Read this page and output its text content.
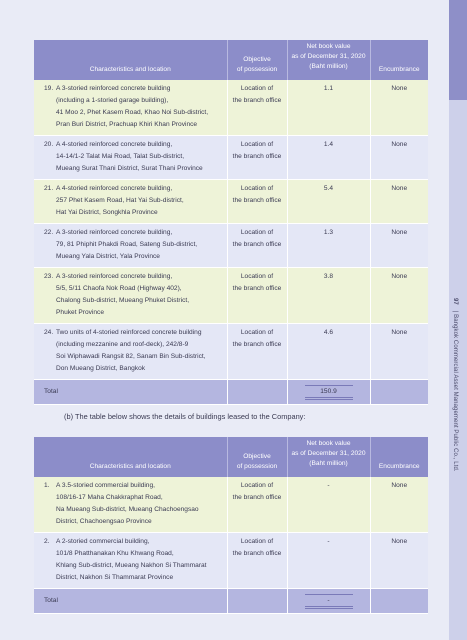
97 | Bangkok Commercial Asset Management Public Co., Ltd.
Characteristics and location	Objective
of possession	Net book value
as of December 31, 2020
(Baht million)	Encumbrance

19. A 3-storied reinforced concrete building
(including a 1-storied garage building),
41 Moo 2, Phet Kasem Road, Khao Noi Sub-district,
Pran Buri District, Prachuap Khiri Khan Province	Location of
the branch office	1.1	None

20. A 4-storied reinforced concrete building,
14-14/1-2 Talat Mai Road, Talat Sub-district,
Mueang Surat Thani District, Surat Thani Province	Location of
the branch office	1.4	None

21. A 4-storied reinforced concrete building,
257 Phet Kasem Road, Hat Yai Sub-district,
Hat Yai District, Songkhla Province	Location of
the branch office	5.4	None

22. A 3-storied reinforced concrete building,
79, 81 Phiphit Phakdi Road, Sateng Sub-district,
Mueang Yala District, Yala Province	Location of
the branch office	1.3	None

23. A 3-storied reinforced concrete building,
5/5, 5/11 Chaofa Nok Road (Highway 402),
Chalong Sub-district, Mueang Phuket District,
Phuket Province	Location of
the branch office	3.8	None

24. Two units of 4-storied reinforced concrete building
(including mezzanine and roof-deck), 242/8-9
Soi Wiphawadi Rangsit 82, Sanam Bin Sub-district,
Don Mueang District, Bangkok	Location of
the branch office	4.6	None
Total		150.9	
(b) The table below shows the details of buildings leased to the Company:
Characteristics and location	Objective
of possession	Net book value
as of December 31, 2020
(Baht million)	Encumbrance

1. A 3.5-storied commercial building,
108/16-17 Maha Chakkraphat Road,
Na Mueang Sub-district, Mueang Chachoengsao
District, Chachoengsao Province	Location of
the branch office	-	None

2. A 2-storied commercial building,
101/8 Phatthanakan Khu Khwang Road,
Khlang Sub-district, Mueang Nakhon Si Thammarat
District, Nakhon Si Thammarat Province	Location of
the branch office	-	None
Total		-	
